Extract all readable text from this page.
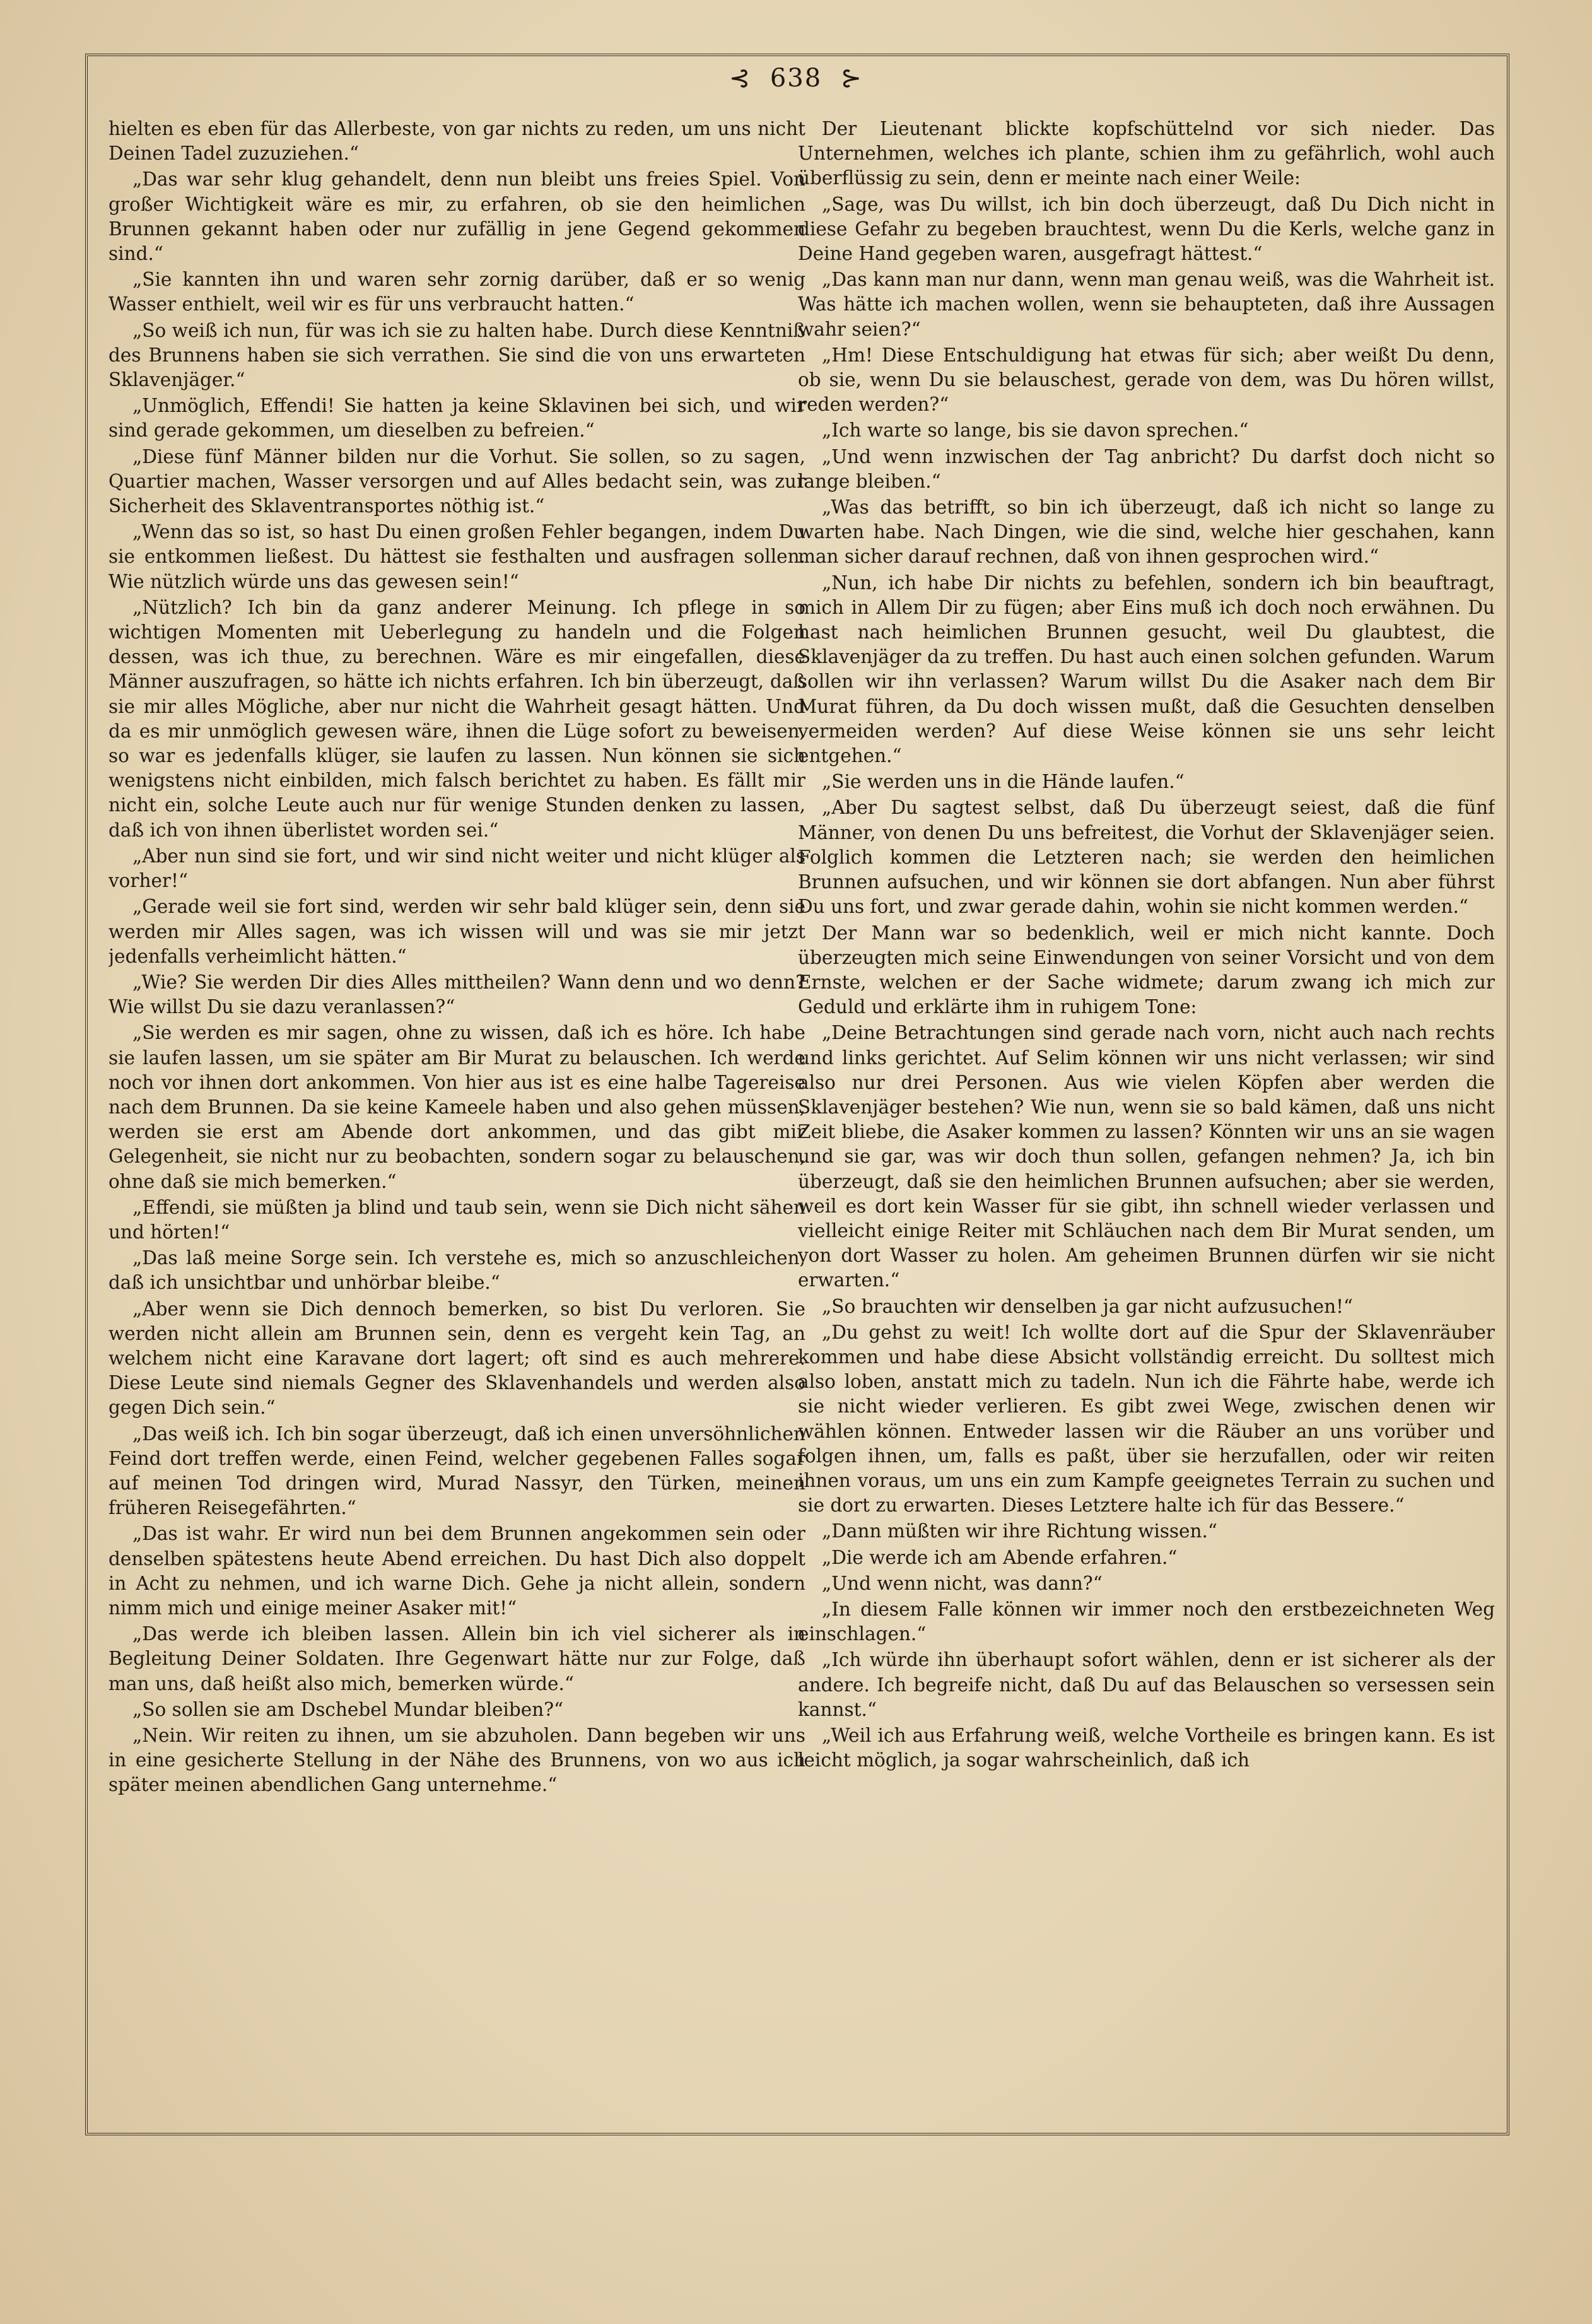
⊰ 638 ⊱

hielten es eben für das Allerbeste, von gar nichts zu reden, um uns nicht Deinen Tadel zuzuziehen.“

„Das war sehr klug gehandelt, denn nun bleibt uns freies Spiel. Von großer Wichtigkeit wäre es mir, zu erfahren, ob sie den heimlichen Brunnen gekannt haben oder nur zufällig in jene Gegend gekommen sind.“

„Sie kannten ihn und waren sehr zornig darüber, daß er so wenig Wasser enthielt, weil wir es für uns verbraucht hatten.“

„So weiß ich nun, für was ich sie zu halten habe. Durch diese Kenntniß des Brunnens haben sie sich verrathen. Sie sind die von uns erwarteten Sklavenjäger.“

„Unmöglich, Effendi! Sie hatten ja keine Sklavinen bei sich, und wir sind gerade gekommen, um dieselben zu befreien.“

„Diese fünf Männer bilden nur die Vorhut. Sie sollen, so zu sagen, Quartier machen, Wasser versorgen und auf Alles bedacht sein, was zur Sicherheit des Sklaventransportes nöthig ist.“

„Wenn das so ist, so hast Du einen großen Fehler begangen, indem Du sie entkommen ließest. Du hättest sie festhalten und ausfragen sollen. Wie nützlich würde uns das gewesen sein!“

„Nützlich? Ich bin da ganz anderer Meinung. Ich pflege in so wichtigen Momenten mit Ueberlegung zu handeln und die Folgen dessen, was ich thue, zu berechnen. Wäre es mir eingefallen, diese Männer auszufragen, so hätte ich nichts erfahren. Ich bin überzeugt, daß sie mir alles Mögliche, aber nur nicht die Wahrheit gesagt hätten. Und da es mir unmöglich gewesen wäre, ihnen die Lüge sofort zu beweisen, so war es jedenfalls klüger, sie laufen zu lassen. Nun können sie sich wenigstens nicht einbilden, mich falsch berichtet zu haben. Es fällt mir nicht ein, solche Leute auch nur für wenige Stunden denken zu lassen, daß ich von ihnen überlistet worden sei.“

„Aber nun sind sie fort, und wir sind nicht weiter und nicht klüger als vorher!“

„Gerade weil sie fort sind, werden wir sehr bald klüger sein, denn sie werden mir Alles sagen, was ich wissen will und was sie mir jetzt jedenfalls verheimlicht hätten.“

„Wie? Sie werden Dir dies Alles mittheilen? Wann denn und wo denn? Wie willst Du sie dazu veranlassen?“

„Sie werden es mir sagen, ohne zu wissen, daß ich es höre. Ich habe sie laufen lassen, um sie später am Bir Murat zu belauschen. Ich werde noch vor ihnen dort ankommen. Von hier aus ist es eine halbe Tagereise nach dem Brunnen. Da sie keine Kameele haben und also gehen müssen, werden sie erst am Abende dort ankommen, und das gibt mir Gelegenheit, sie nicht nur zu beobachten, sondern sogar zu belauschen, ohne daß sie mich bemerken.“

„Effendi, sie müßten ja blind und taub sein, wenn sie Dich nicht sähen und hörten!“

„Das laß meine Sorge sein. Ich verstehe es, mich so anzuschleichen, daß ich unsichtbar und unhörbar bleibe.“

„Aber wenn sie Dich dennoch bemerken, so bist Du verloren. Sie werden nicht allein am Brunnen sein, denn es vergeht kein Tag, an welchem nicht eine Karavane dort lagert; oft sind es auch mehrere. Diese Leute sind niemals Gegner des Sklavenhandels und werden also gegen Dich sein.“

„Das weiß ich. Ich bin sogar überzeugt, daß ich einen unversöhnlichen Feind dort treffen werde, einen Feind, welcher gegebenen Falles sogar auf meinen Tod dringen wird, Murad Nassyr, den Türken, meinen früheren Reisegefährten.“

„Das ist wahr. Er wird nun bei dem Brunnen angekommen sein oder denselben spätestens heute Abend erreichen. Du hast Dich also doppelt in Acht zu nehmen, und ich warne Dich. Gehe ja nicht allein, sondern nimm mich und einige meiner Asaker mit!“

„Das werde ich bleiben lassen. Allein bin ich viel sicherer als in Begleitung Deiner Soldaten. Ihre Gegenwart hätte nur zur Folge, daß man uns, daß heißt also mich, bemerken würde.“

„So sollen sie am Dschebel Mundar bleiben?“

„Nein. Wir reiten zu ihnen, um sie abzuholen. Dann begeben wir uns in eine gesicherte Stellung in der Nähe des Brunnens, von wo aus ich später meinen abendlichen Gang unternehme.“

Der Lieutenant blickte kopfschüttelnd vor sich nieder. Das Unternehmen, welches ich plante, schien ihm zu gefährlich, wohl auch überflüssig zu sein, denn er meinte nach einer Weile:

„Sage, was Du willst, ich bin doch überzeugt, daß Du Dich nicht in diese Gefahr zu begeben brauchtest, wenn Du die Kerls, welche ganz in Deine Hand gegeben waren, ausgefragt hättest.“

„Das kann man nur dann, wenn man genau weiß, was die Wahrheit ist. Was hätte ich machen wollen, wenn sie behaupteten, daß ihre Aussagen wahr seien?“

„Hm! Diese Entschuldigung hat etwas für sich; aber weißt Du denn, ob sie, wenn Du sie belauschest, gerade von dem, was Du hören willst, reden werden?“

„Ich warte so lange, bis sie davon sprechen.“

„Und wenn inzwischen der Tag anbricht? Du darfst doch nicht so lange bleiben.“

„Was das betrifft, so bin ich überzeugt, daß ich nicht so lange zu warten habe. Nach Dingen, wie die sind, welche hier geschahen, kann man sicher darauf rechnen, daß von ihnen gesprochen wird.“

„Nun, ich habe Dir nichts zu befehlen, sondern ich bin beauftragt, mich in Allem Dir zu fügen; aber Eins muß ich doch noch erwähnen. Du hast nach heimlichen Brunnen gesucht, weil Du glaubtest, die Sklavenjäger da zu treffen. Du hast auch einen solchen gefunden. Warum sollen wir ihn verlassen? Warum willst Du die Asaker nach dem Bir Murat führen, da Du doch wissen mußt, daß die Gesuchten denselben vermeiden werden? Auf diese Weise können sie uns sehr leicht entgehen.“

„Sie werden uns in die Hände laufen.“

„Aber Du sagtest selbst, daß Du überzeugt seiest, daß die fünf Männer, von denen Du uns befreitest, die Vorhut der Sklavenjäger seien. Folglich kommen die Letzteren nach; sie werden den heimlichen Brunnen aufsuchen, und wir können sie dort abfangen. Nun aber führst Du uns fort, und zwar gerade dahin, wohin sie nicht kommen werden.“

Der Mann war so bedenklich, weil er mich nicht kannte. Doch überzeugten mich seine Einwendungen von seiner Vorsicht und von dem Ernste, welchen er der Sache widmete; darum zwang ich mich zur Geduld und erklärte ihm in ruhigem Tone:

„Deine Betrachtungen sind gerade nach vorn, nicht auch nach rechts und links gerichtet. Auf Selim können wir uns nicht verlassen; wir sind also nur drei Personen. Aus wie vielen Köpfen aber werden die Sklavenjäger bestehen? Wie nun, wenn sie so bald kämen, daß uns nicht Zeit bliebe, die Asaker kommen zu lassen? Könnten wir uns an sie wagen und sie gar, was wir doch thun sollen, gefangen nehmen? Ja, ich bin überzeugt, daß sie den heimlichen Brunnen aufsuchen; aber sie werden, weil es dort kein Wasser für sie gibt, ihn schnell wieder verlassen und vielleicht einige Reiter mit Schläuchen nach dem Bir Murat senden, um von dort Wasser zu holen. Am geheimen Brunnen dürfen wir sie nicht erwarten.“

„So brauchten wir denselben ja gar nicht aufzusuchen!“

„Du gehst zu weit! Ich wollte dort auf die Spur der Sklavenräuber kommen und habe diese Absicht vollständig erreicht. Du solltest mich also loben, anstatt mich zu tadeln. Nun ich die Fährte habe, werde ich sie nicht wieder verlieren. Es gibt zwei Wege, zwischen denen wir wählen können. Entweder lassen wir die Räuber an uns vorüber und folgen ihnen, um, falls es paßt, über sie herzufallen, oder wir reiten ihnen voraus, um uns ein zum Kampfe geeignetes Terrain zu suchen und sie dort zu erwarten. Dieses Letztere halte ich für das Bessere.“

„Dann müßten wir ihre Richtung wissen.“

„Die werde ich am Abende erfahren.“

„Und wenn nicht, was dann?“

„In diesem Falle können wir immer noch den erstbezeichneten Weg einschlagen.“

„Ich würde ihn überhaupt sofort wählen, denn er ist sicherer als der andere. Ich begreife nicht, daß Du auf das Belauschen so versessen sein kannst.“

„Weil ich aus Erfahrung weiß, welche Vortheile es bringen kann. Es ist leicht möglich, ja sogar wahrscheinlich, daß ich
